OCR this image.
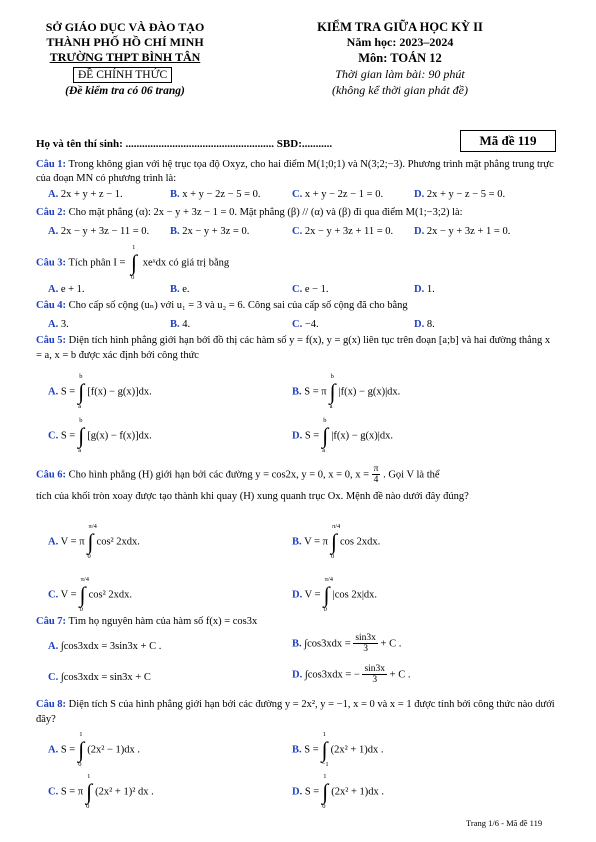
SỞ GIÁO DỤC VÀ ĐÀO TẠO
THÀNH PHỐ HỒ CHÍ MINH
TRƯỜNG THPT BÌNH TÂN
ĐỀ CHÍNH THỨC
(Đề kiểm tra có 06 trang)
KIỂM TRA GIỮA HỌC KỲ II
Năm học: 2023–2024
Môn: TOÁN 12
Thời gian làm bài: 90 phút
(không kể thời gian phát đề)
Họ và tên thí sinh: ...................................................... SBD:...........	Mã đề 119
Câu 1: Trong không gian với hệ trục tọa độ Oxyz, cho hai điểm M(1;0;1) và N(3;2;−3). Phương trình mặt phẳng trung trực của đoạn MN có phương trình là:
A. 2x + y + z − 1.	B. x + y − 2z − 5 = 0.	C. x + y − 2z − 1 = 0.	D. 2x + y − z − 5 = 0.
Câu 2: Cho mặt phẳng (α): 2x − y + 3z − 1 = 0. Mặt phẳng (β) // (α) và (β) đi qua điểm M(1;−3;2) là:
A. 2x − y + 3z − 11 = 0. B. 2x − y + 3z = 0.	C. 2x − y + 3z + 11 = 0. D. 2x − y + 3z + 1 = 0.
Câu 3: Tích phân I =
1
∫
0
xeˣdx có giá trị bằng
A. e + 1.	B. e.	C. e − 1.	D. 1.
Câu 4: Cho cấp số cộng (uₙ) với u₁ = 3 và u₂ = 6. Công sai của cấp số cộng đã cho bằng
A. 3.	B. 4.	C. −4.	D. 8.
Câu 5: Diện tích hình phẳng giới hạn bởi đồ thị các hàm số y = f(x), y = g(x) liên tục trên đoạn [a;b] và hai đường thẳng x = a, x = b được xác định bởi công thức
A. S =
b
∫
a
[f(x) − g(x)]dx.	B. S = π
b
∫
a
|f(x) − g(x)|dx.
C. S =
b
∫
a
[g(x) − f(x)]dx.	D. S =
b
∫
a
|f(x) − g(x)|dx.
Câu 6: Cho hình phẳng (H) giới hạn bởi các đường y = cos2x, y = 0, x = 0, $x = \frac{\pi}{4}$ . Gọi V là thể
tích của khối tròn xoay được tạo thành khi quay (H) xung quanh trục Ox. Mệnh đề nào dưới đây đúng?
A. V = π
π/4
∫
0
cos² 2xdx.	B. V = π
π/4
∫
0
cos 2xdx.
C. V =
π/4
∫
0
cos² 2xdx.	D. V =
π/4
∫
0
|cos 2x|dx.
Câu 7: Tìm họ nguyên hàm của hàm số f(x) = cos3x
A. ∫cos3xdx = 3sin3x + C .	B. $\int\cos 3xdx = \frac{\sin 3x}{3} + C$ .
C. ∫cos3xdx = sin3x + C	D. ∫cos3xdx = − $\frac{\sin 3x}{3} + C$ .
Câu 8: Diện tích S của hình phẳng giới hạn bởi các đường y = 2x², y = −1, x = 0 và x = 1 được tính bởi công thức nào dưới đây?
A. S =
1
∫
0
(2x² − 1)dx .	B. S =
1
∫
−1
(2x² + 1)dx .
C. S = π
1
∫
0
(2x² + 1)² dx .	D. S =
1
∫
0
(2x² + 1)dx .
Trang 1/6 - Mã đề 119
